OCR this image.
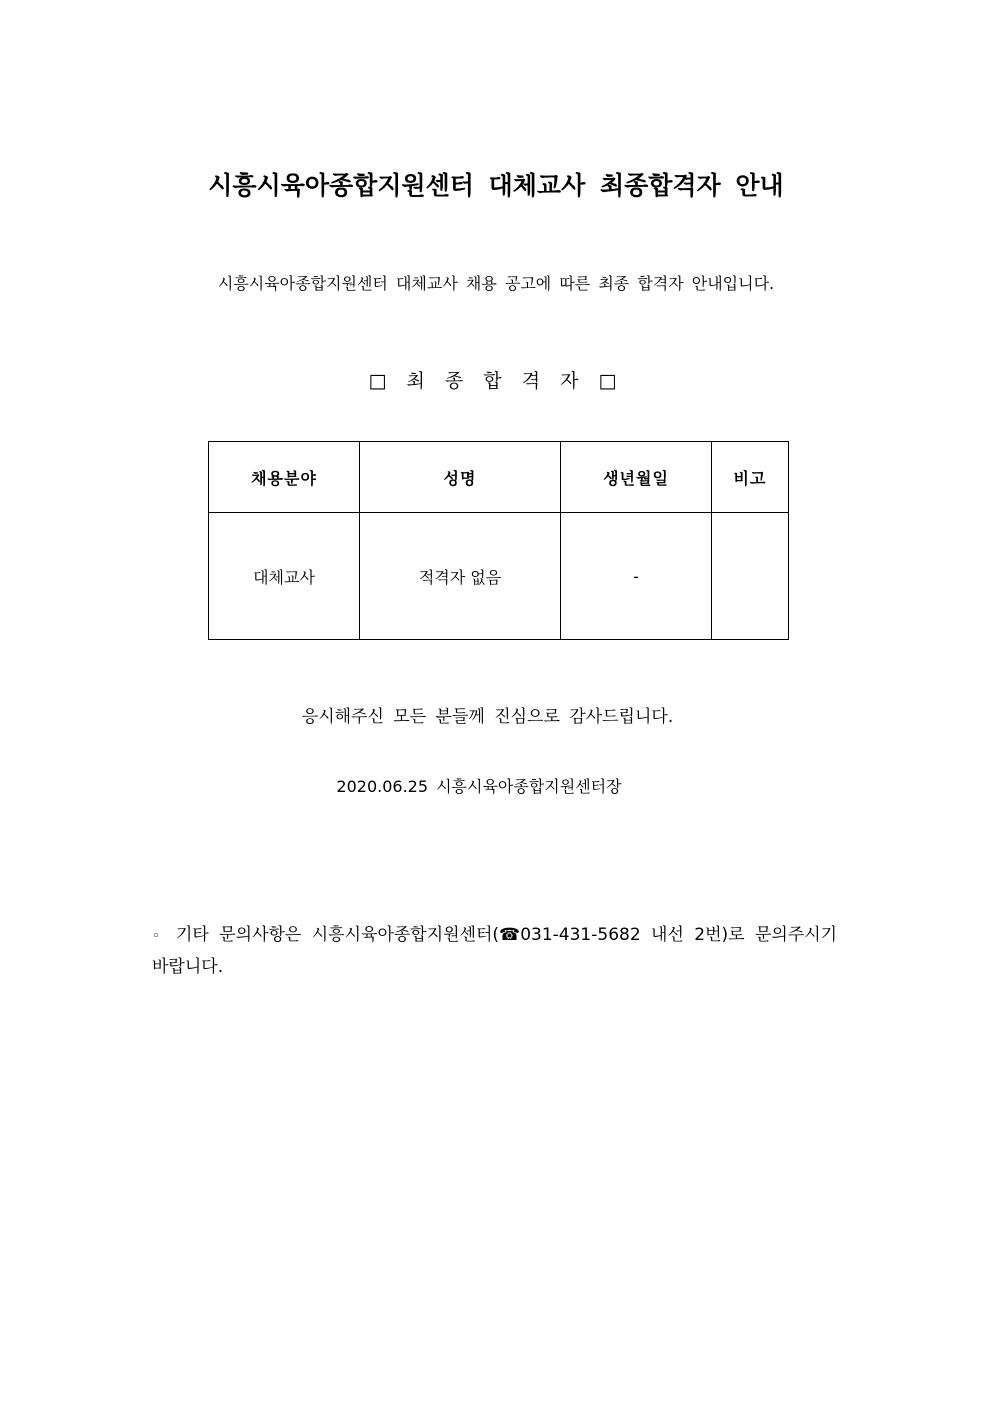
시흥시육아종합지원센터 대체교사 최종합격자 안내
시흥시육아종합지원센터 대체교사 채용 공고에 따른 최종 합격자 안내입니다.
□ 최 종 합 격 자 □
채용분야	성명	생년월일	비고
대체교사	적격자 없음	-	
응시해주신 모든 분들께 진심으로 감사드립니다.
2020.06.25 시흥시육아종합지원센터장
◦ 기타 문의사항은 시흥시육아종합지원센터(☎031-431-5682 내선 2번)로 문의주시기 바랍니다.
